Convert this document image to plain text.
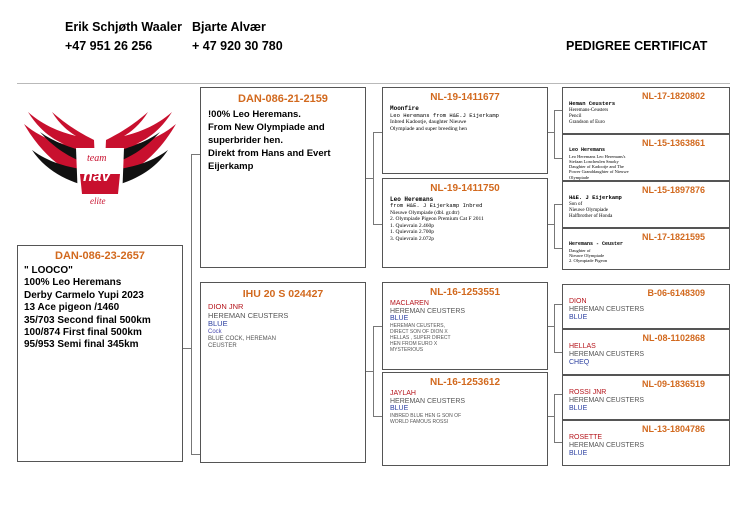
Erik Schjøth Waaler
+47 951 26 256
Bjarte Alvær
+ 47 920 30 780	PEDIGREE CERTIFICAT
team
nav
elite
DAN-086-23-2657
" LOOCO"
100% Leo Heremans
Derby Carmelo Yupi 2023
13 Ace pigeon /1460
35/703 Second final 500km
100/874 First final 500km
95/953 Semi final 345km
DAN-086-21-2159
!00% Leo Heremans.
From New Olympiade and superbrider hen.
Direkt from Hans and Evert Eijerkamp
IHU 20 S 024427
DION JNR
HEREMAN CEUSTERS
BLUE
Cock
BLUE COCK, HEREMAN CEUSTER
NL-19-1411677
Moonfire
Leo Heremans from H&E.J Eijerkamp
Inbred Kadootje, daughter Nieuwe
Olympiade and super breeding hen
NL-19-1411750
Leo Heremans
from H&E. J Eijerkamp Inbred
Nieuwe Olympiade (dbl. gr.dtr)
2. Olympiade Pigeon Premium Cat F 2011
1. Quievrain 2.460p
1. Quievrain 2.700p
3. Quievrain 2.072p
NL-16-1253551
MACLAREN
HEREMAN CEUSTERS
BLUE
HEREMAN CEUSTERS,
DIRECT SON OF DION X
HELLAS , SUPER DIRECT
HEN FROM EURO X
MYSTERIOUS
NL-16-1253612
JAYLAH
HEREMAN CEUSTERS
BLUE
INBRED BLUE HEN G SON OF
WORLD FAMOUS ROSSI
NL-17-1820802
Heman Ceusters
Heremans-Ceusters
Pencil
Grandson of Euro
NL-15-1363861
Leo Heremans
Leo Heremans Leo Heremans's
Stefaan Loncheulen Smoky
Daughter of Kadootje and The
Power Granddaughter of Nieuwe
Olympiade
NL-15-1897876
H&E. J Eijerkamp
Son of
Nieuwe Olympiade
Halfbrother of Honda
NL-17-1821595
Heremans - Ceuster
Daughter of
Nieuwe Olympiade
2. Olympiade Pigeon
B-06-6148309
DION
HEREMAN CEUSTERS
BLUE
NL-08-1102868
HELLAS
HEREMAN CEUSTERS
CHEQ
NL-09-1836519
ROSSI JNR
HEREMAN CEUSTERS
BLUE
NL-13-1804786
ROSETTE
HEREMAN CEUSTERS
BLUE
